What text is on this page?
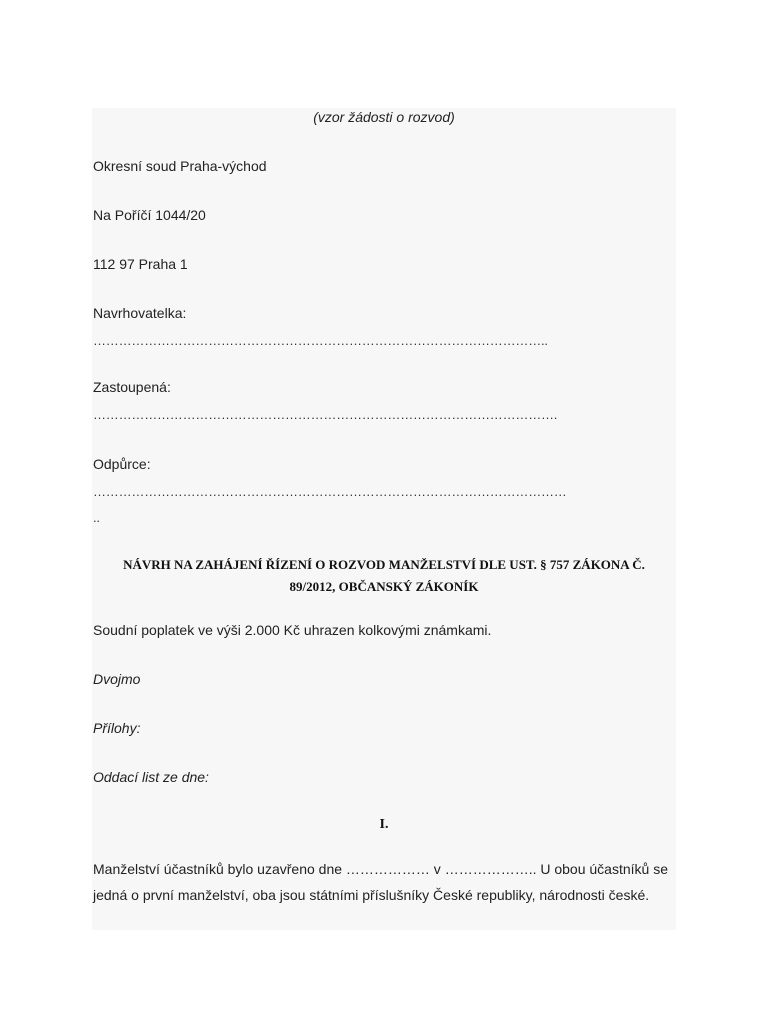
(vzor žádosti o rozvod)
Okresní soud Praha-východ
Na Poříčí 1044/20
112 97 Praha 1
Navrhovatelka:
……………………………………………………………………………………………..
Zastoupená:
……………………………………………………………………………………………….
Odpůrce:
…………………………………………………………………………………………………
..
NÁVRH NA ZAHÁJENÍ ŘÍZENÍ O ROZVOD MANŽELSTVÍ DLE UST. § 757 ZÁKONA Č.
89/2012, OBČANSKÝ ZÁKONÍK
Soudní poplatek ve výši 2.000 Kč uhrazen kolkovými známkami.
Dvojmo
Přílohy:
Oddací list ze dne:
I.
Manželství účastníků bylo uzavřeno dne ……………… v ……………….. U obou účastníků se jedná o první manželství, oba jsou státními příslušníky České republiky, národnosti české.
